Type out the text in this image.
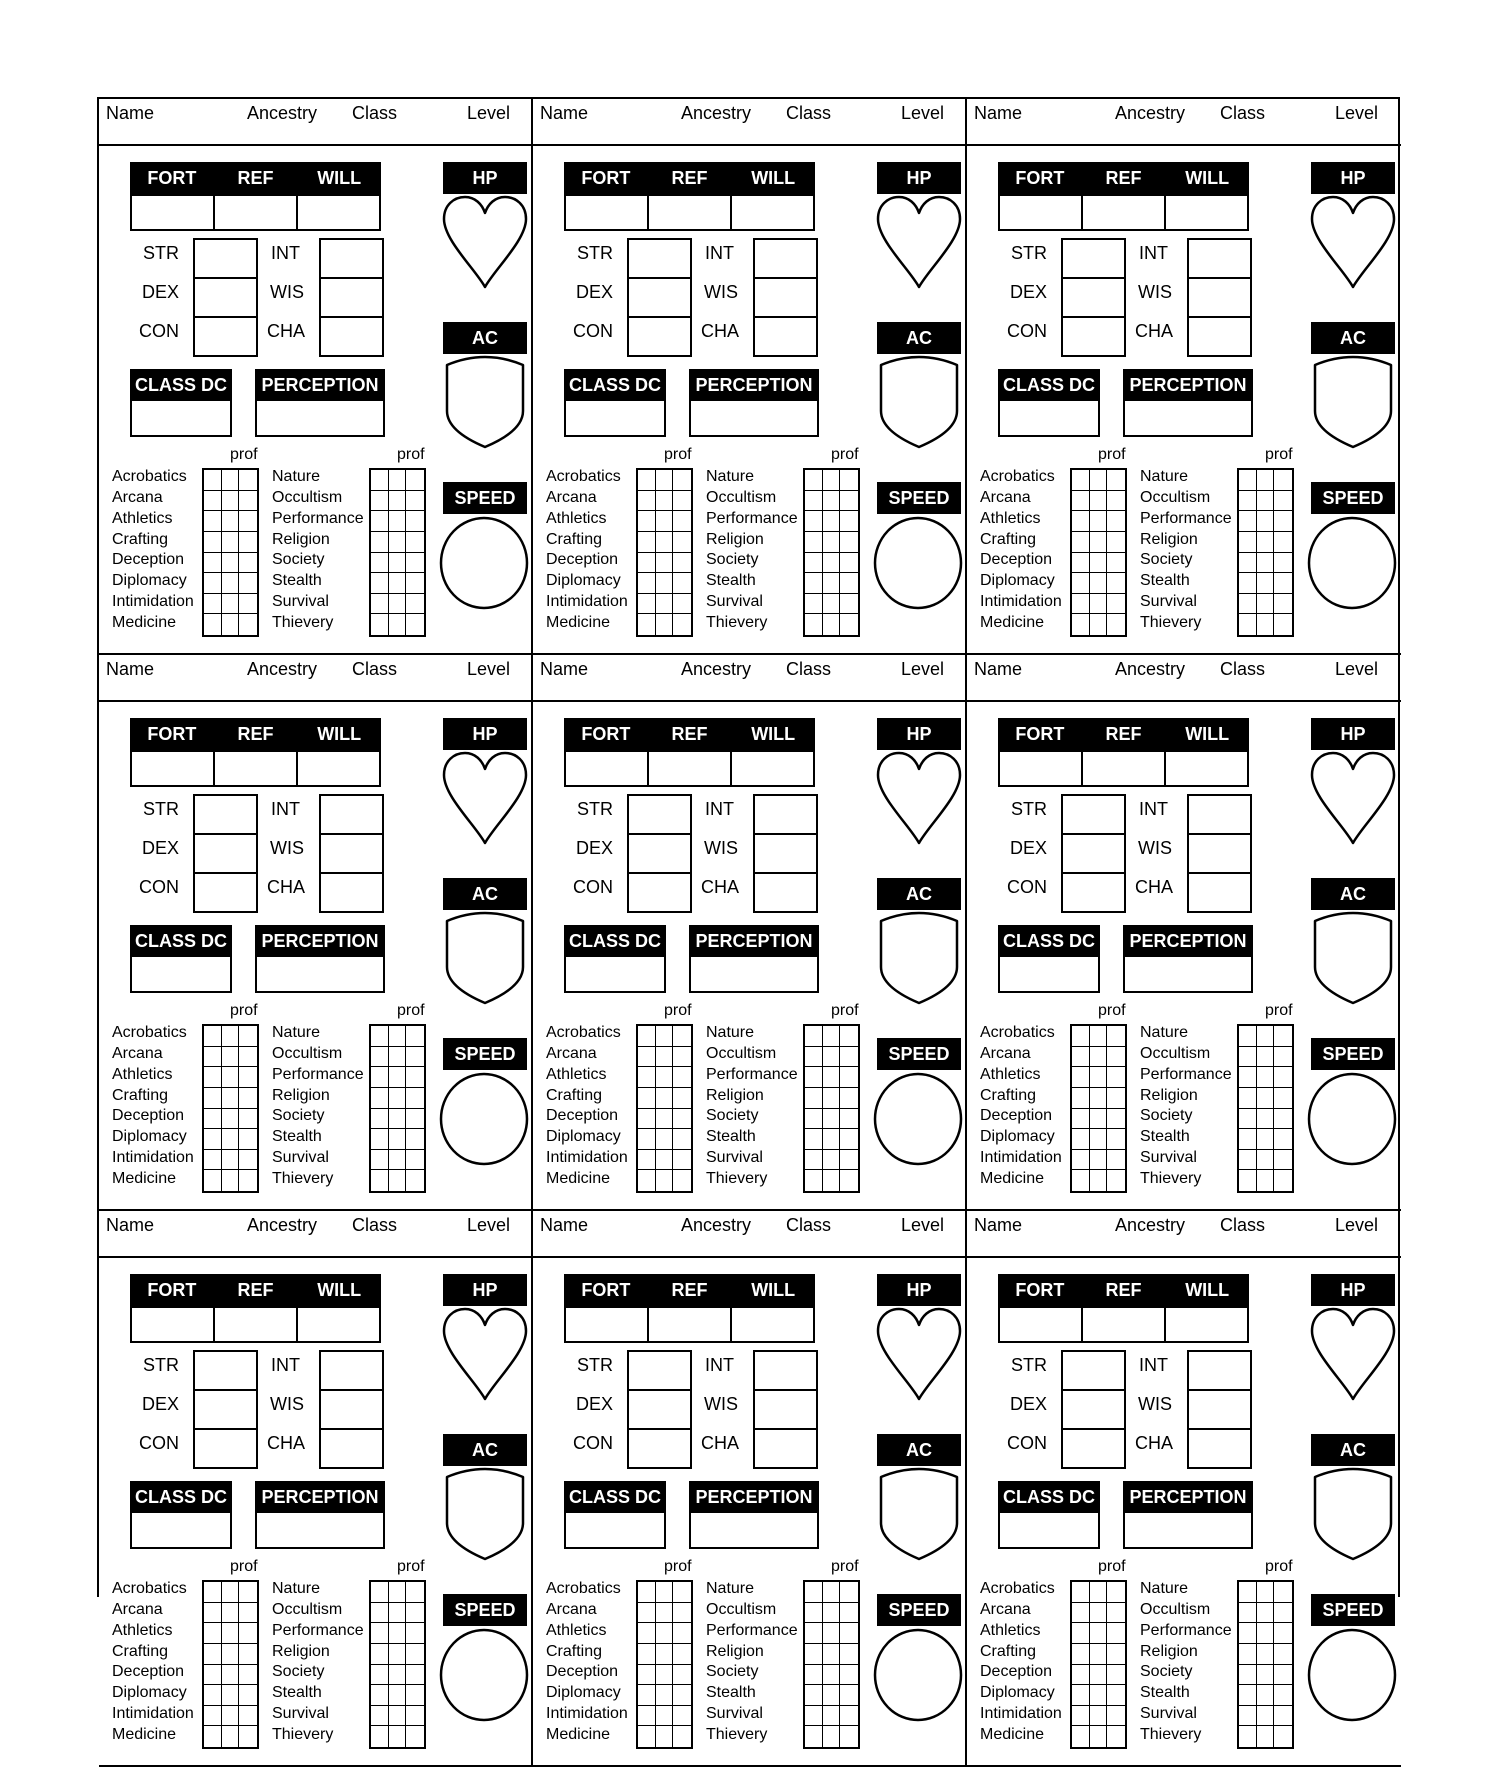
Name	Ancestry Class	Level
FORT	REF	WILL
STR
DEX
CON
INT
WIS
CHA
CLASS DC	PERCEPTION
prof
Acrobatics
Arcana
Athletics
Crafting
Deception
Diplomacy
Intimidation
Medicine
prof
Nature
Occultism
Performance
Religion
Society
Stealth
Survival
Thievery
HP
AC
SPEED
Name	Ancestry Class	Level
FORT	REF	WILL
STR
DEX
CON
INT
WIS
CHA
CLASS DC	PERCEPTION
prof
Acrobatics
Arcana
Athletics
Crafting
Deception
Diplomacy
Intimidation
Medicine
prof
Nature
Occultism
Performance
Religion
Society
Stealth
Survival
Thievery
HP
AC
SPEED
Name	Ancestry Class	Level
FORT	REF	WILL
STR
DEX
CON
INT
WIS
CHA
CLASS DC	PERCEPTION
prof
Acrobatics
Arcana
Athletics
Crafting
Deception
Diplomacy
Intimidation
Medicine
prof
Nature
Occultism
Performance
Religion
Society
Stealth
Survival
Thievery
HP
AC
SPEED
Name	Ancestry Class	Level
FORT	REF	WILL
STR
DEX
CON
INT
WIS
CHA
CLASS DC	PERCEPTION
prof
Acrobatics
Arcana
Athletics
Crafting
Deception
Diplomacy
Intimidation
Medicine
prof
Nature
Occultism
Performance
Religion
Society
Stealth
Survival
Thievery
HP
AC
SPEED
Name	Ancestry Class	Level
FORT	REF	WILL
STR
DEX
CON
INT
WIS
CHA
CLASS DC	PERCEPTION
prof
Acrobatics
Arcana
Athletics
Crafting
Deception
Diplomacy
Intimidation
Medicine
prof
Nature
Occultism
Performance
Religion
Society
Stealth
Survival
Thievery
HP
AC
SPEED
Name	Ancestry Class	Level
FORT	REF	WILL
STR
DEX
CON
INT
WIS
CHA
CLASS DC	PERCEPTION
prof
Acrobatics
Arcana
Athletics
Crafting
Deception
Diplomacy
Intimidation
Medicine
prof
Nature
Occultism
Performance
Religion
Society
Stealth
Survival
Thievery
HP
AC
SPEED
Name	Ancestry Class	Level
FORT	REF	WILL
STR
DEX
CON
INT
WIS
CHA
CLASS DC	PERCEPTION
prof
Acrobatics
Arcana
Athletics
Crafting
Deception
Diplomacy
Intimidation
Medicine
prof
Nature
Occultism
Performance
Religion
Society
Stealth
Survival
Thievery
HP
AC
SPEED
Name	Ancestry Class	Level
FORT	REF	WILL
STR
DEX
CON
INT
WIS
CHA
CLASS DC	PERCEPTION
prof
Acrobatics
Arcana
Athletics
Crafting
Deception
Diplomacy
Intimidation
Medicine
prof
Nature
Occultism
Performance
Religion
Society
Stealth
Survival
Thievery
HP
AC
SPEED
Name	Ancestry Class	Level
FORT	REF	WILL
STR
DEX
CON
INT
WIS
CHA
CLASS DC	PERCEPTION
prof
Acrobatics
Arcana
Athletics
Crafting
Deception
Diplomacy
Intimidation
Medicine
prof
Nature
Occultism
Performance
Religion
Society
Stealth
Survival
Thievery
HP
AC
SPEED
